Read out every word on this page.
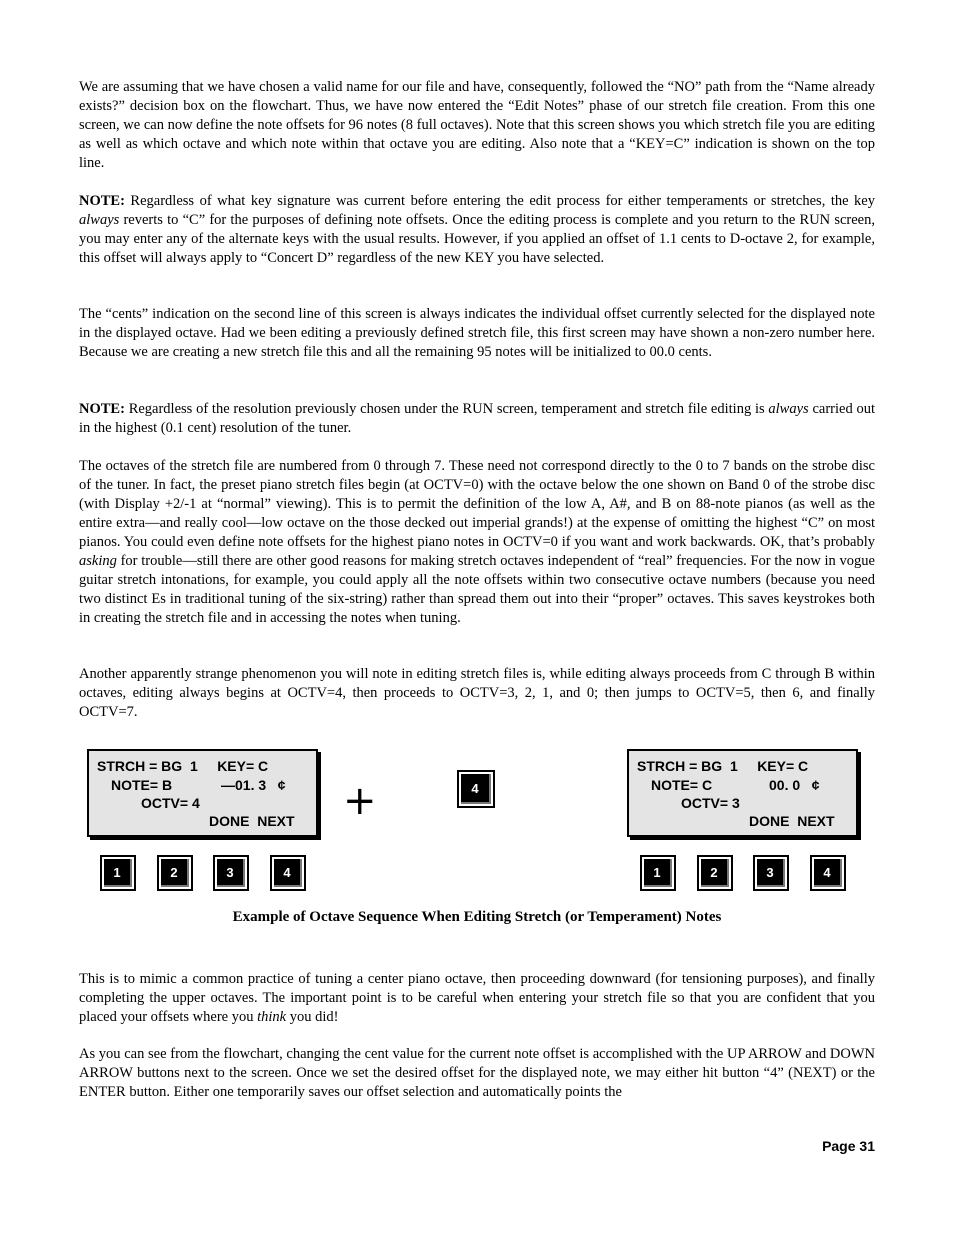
We are assuming that we have chosen a valid name for our file and have, consequently, followed the “NO” path from the “Name already exists?” decision box on the flowchart. Thus, we have now entered the “Edit Notes” phase of our stretch file creation. From this one screen, we can now define the note offsets for 96 notes (8 full octaves). Note that this screen shows you which stretch file you are editing as well as which octave and which note within that octave you are editing. Also note that a “KEY=C” indication is shown on the top line.

NOTE: Regardless of what key signature was current before entering the edit process for either temperaments or stretches, the key always reverts to “C” for the purposes of defining note offsets. Once the editing process is complete and you return to the RUN screen, you may enter any of the alternate keys with the usual results. However, if you applied an offset of 1.1 cents to D-octave 2, for example, this offset will always apply to “Concert D” regardless of the new KEY you have selected.

The “cents” indication on the second line of this screen is always indicates the individual offset currently selected for the displayed note in the displayed octave. Had we been editing a previously defined stretch file, this first screen may have shown a non-zero number here. Because we are creating a new stretch file this and all the remaining 95 notes will be initialized to 00.0 cents.

NOTE: Regardless of the resolution previously chosen under the RUN screen, temperament and stretch file editing is always carried out in the highest (0.1 cent) resolution of the tuner.

The octaves of the stretch file are numbered from 0 through 7. These need not correspond directly to the 0 to 7 bands on the strobe disc of the tuner. In fact, the preset piano stretch files begin (at OCTV=0) with the octave below the one shown on Band 0 of the strobe disc (with Display +2/-1 at “normal” viewing). This is to permit the definition of the low A, A#, and B on 88-note pianos (as well as the entire extra—and really cool—low octave on the those decked out imperial grands!) at the expense of omitting the highest “C” on most pianos. You could even define note offsets for the highest piano notes in OCTV=0 if you want and work backwards. OK, that’s probably asking for trouble—still there are other good reasons for making stretch octaves independent of “real” frequencies. For the now in vogue guitar stretch intonations, for example, you could apply all the note offsets within two consecutive octave numbers (because you need two distinct Es in traditional tuning of the six-string) rather than spread them out into their “proper” octaves. This saves keystrokes both in creating the stretch file and in accessing the notes when tuning.

Another apparently strange phenomenon you will note in editing stretch files is, while editing always proceeds from C through B within octaves, editing always begins at OCTV=4, then proceeds to OCTV=3, 2, 1, and 0; then jumps to OCTV=5, then 6, and finally OCTV=7.

STRCH = BG  1     KEY= C
NOTE= B	—01. 3   ¢
OCTV= 4
DONE  NEXT +	4
STRCH = BG  1     KEY= C
NOTE= C	00. 0   ¢
OCTV= 3
DONE  NEXT
1	2	3	4	1	2	3	4

Example of Octave Sequence When Editing Stretch (or Temperament) Notes

This is to mimic a common practice of tuning a center piano octave, then proceeding downward (for tensioning purposes), and finally completing the upper octaves. The important point is to be careful when entering your stretch file so that you are confident that you placed your offsets where you think you did!

As you can see from the flowchart, changing the cent value for the current note offset is accomplished with the UP ARROW and DOWN ARROW buttons next to the screen. Once we set the desired offset for the displayed note, we may either hit button “4” (NEXT) or the ENTER button. Either one temporarily saves our offset selection and automatically points the

Page 31
